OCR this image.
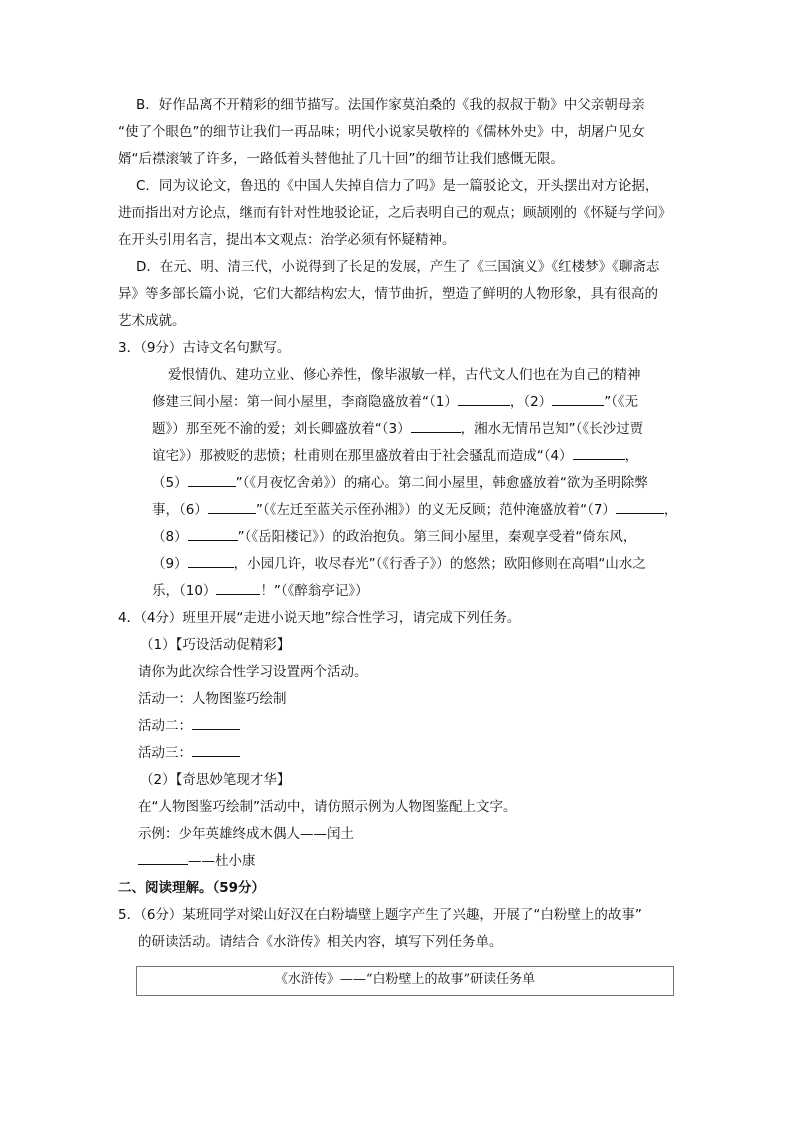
B．好作品离不开精彩的细节描写。法国作家莫泊桑的《我的叔叔于勒》中父亲朝母亲
“使了个眼色”的细节让我们一再品味；明代小说家吴敬梓的《儒林外史》中，胡屠户见女
婿“后襟滚皱了许多，一路低着头替他扯了几十回”的细节让我们感慨无限。
C．同为议论文，鲁迅的《中国人失掉自信力了吗》是一篇驳论文，开头摆出对方论据，
进而指出对方论点，继而有针对性地驳论证，之后表明自己的观点；顾颉刚的《怀疑与学问》
在开头引用名言，提出本文观点：治学必须有怀疑精神。
D．在元、明、清三代，小说得到了长足的发展，产生了《三国演义》《红楼梦》《聊斋志
异》等多部长篇小说，它们大都结构宏大，情节曲折，塑造了鲜明的人物形象，具有很高的
艺术成就。
3．（9分）古诗文名句默写。
爱恨情仇、建功立业、修心养性，像毕淑敏一样，古代文人们也在为自己的精神
修建三间小屋：第一间小屋里，李商隐盛放着“（1）	，（2）	”（《无
题》）那至死不渝的爱；刘长卿盛放着“（3）	，湘水无情吊岂知”（《长沙过贾
谊宅》）那被贬的悲愤；杜甫则在那里盛放着由于社会骚乱而造成“（4）	，
（5）	”（《月夜忆舍弟》）的痛心。第二间小屋里，韩愈盛放着“欲为圣明除弊
事，（6）	”（《左迁至蓝关示侄孙湘》）的义无反顾；范仲淹盛放着“（7）	，
（8）	”（《岳阳楼记》）的政治抱负。第三间小屋里，秦观享受着“倚东风，
（9）	，小园几许，收尽春光”（《行香子》）的悠然；欧阳修则在高唱“山水之
乐，（10）	！”（《醉翁亭记》）
4．（4分）班里开展“走进小说天地”综合性学习，请完成下列任务。
（1）【巧设活动促精彩】
请你为此次综合性学习设置两个活动。
活动一：人物图鉴巧绘制
活动二：
活动三：
（2）【奇思妙笔现才华】
在“人物图鉴巧绘制”活动中，请仿照示例为人物图鉴配上文字。
示例：少年英雄终成木偶人——闰土
——杜小康
二、阅读理解。（59分）
5．（6分）某班同学对梁山好汉在白粉墙壁上题字产生了兴趣，开展了“白粉壁上的故事”
的研读活动。请结合《水浒传》相关内容，填写下列任务单。
《水浒传》——“白粉壁上的故事”研读任务单
